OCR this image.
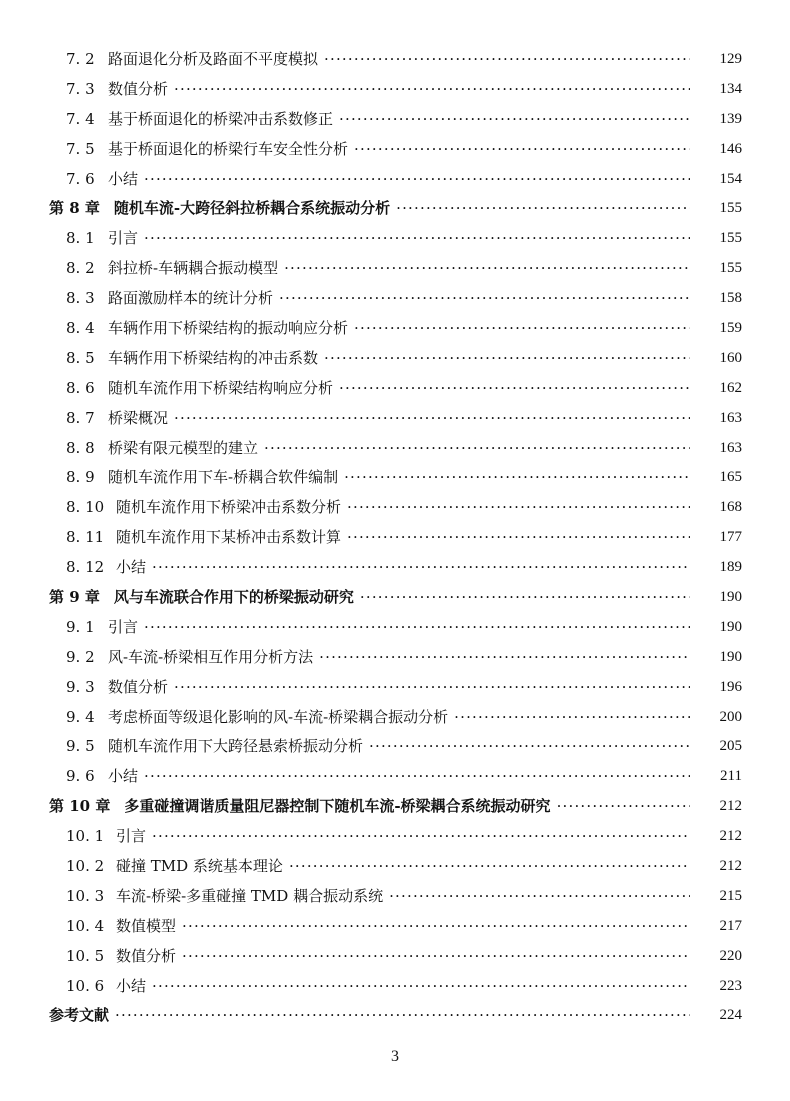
7. 2 路面退化分析及路面不平度模拟 ·····	129
7. 3 数值分析 ·····	134
7. 4 基于桥面退化的桥梁冲击系数修正 ·····	139
7. 5 基于桥面退化的桥梁行车安全性分析 ·····	146
7. 6 小结 ·····	154
第 8 章 随机车流-大跨径斜拉桥耦合系统振动分析 ·····	155
8. 1 引言 ·····	155
8. 2 斜拉桥-车辆耦合振动模型 ·····	155
8. 3 路面激励样本的统计分析 ·····	158
8. 4 车辆作用下桥梁结构的振动响应分析 ·····	159
8. 5 车辆作用下桥梁结构的冲击系数 ·····	160
8. 6 随机车流作用下桥梁结构响应分析 ·····	162
8. 7 桥梁概况 ·····	163
8. 8 桥梁有限元模型的建立 ·····	163
8. 9 随机车流作用下车-桥耦合软件编制 ·····	165
8. 10 随机车流作用下桥梁冲击系数分析 ·····	168
8. 11 随机车流作用下某桥冲击系数计算 ·····	177
8. 12 小结 ·····	189
第 9 章 风与车流联合作用下的桥梁振动研究 ·····	190
9. 1 引言 ·····	190
9. 2 风-车流-桥梁相互作用分析方法 ·····	190
9. 3 数值分析 ·····	196
9. 4 考虑桥面等级退化影响的风-车流-桥梁耦合振动分析 ·····	200
9. 5 随机车流作用下大跨径悬索桥振动分析 ·····	205
9. 6 小结 ·····	211
第 10 章 多重碰撞调谐质量阻尼器控制下随机车流-桥梁耦合系统振动研究 ·····	212
10. 1 引言 ·····	212
10. 2 碰撞 TMD 系统基本理论 ·····	212
10. 3 车流-桥梁-多重碰撞 TMD 耦合振动系统 ·····	215
10. 4 数值模型 ·····	217
10. 5 数值分析 ·····	220
10. 6 小结 ·····	223
参考文献 ·····	224
3
